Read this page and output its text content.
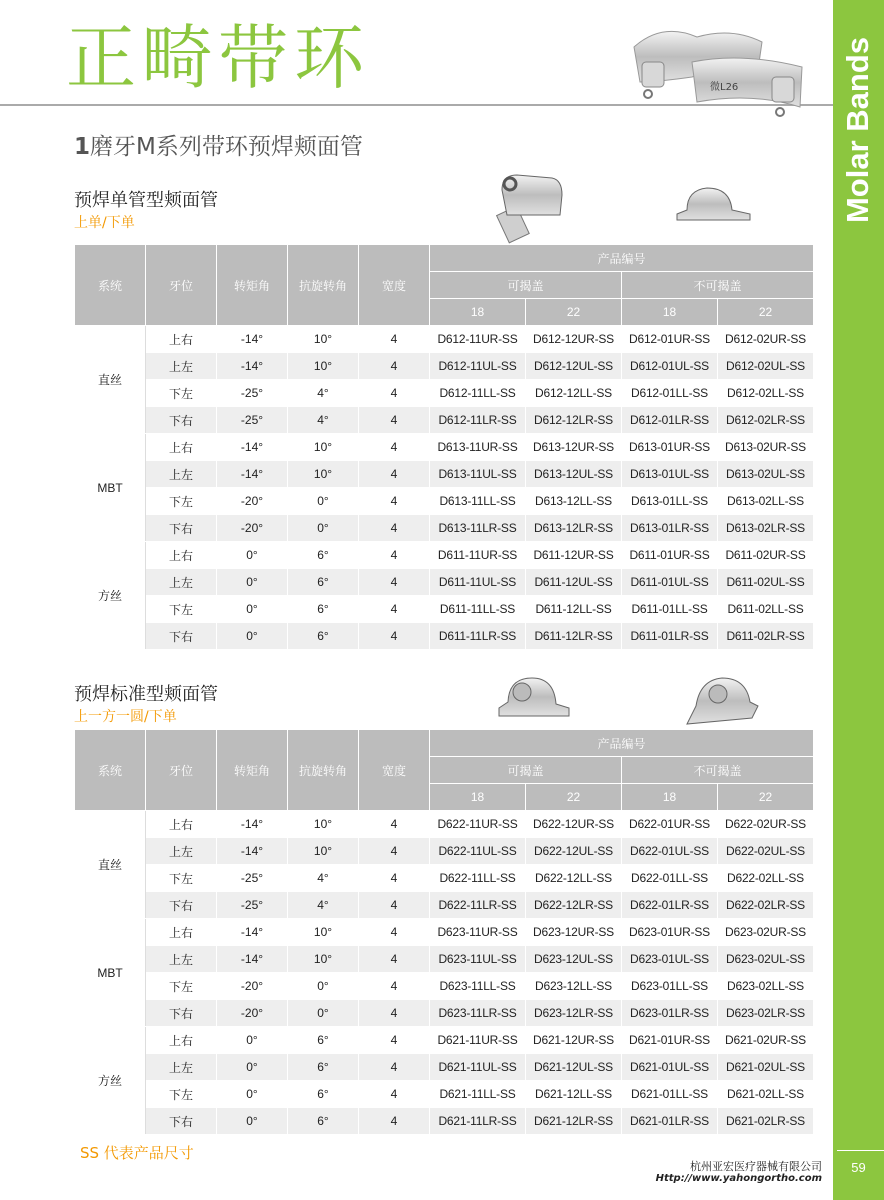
Molar Bands
59
正畸带环	微L26
1磨牙M系列带环预焊颊面管
预焊单管型颊面管
上单/下单
系统	牙位	转矩角	抗旋转角	宽度	产品编号			
					可揭盖		不可揭盖	
					18	22	18	22
直丝	上右	-14°	10°	4	D612-11UR-SS	D612-12UR-SS	D612-01UR-SS	D612-02UR-SS
	上左	-14°	10°	4	D612-11UL-SS	D612-12UL-SS	D612-01UL-SS	D612-02UL-SS
	下左	-25°	4°	4	D612-11LL-SS	D612-12LL-SS	D612-01LL-SS	D612-02LL-SS
	下右	-25°	4°	4	D612-11LR-SS	D612-12LR-SS	D612-01LR-SS	D612-02LR-SS
MBT	上右	-14°	10°	4	D613-11UR-SS	D613-12UR-SS	D613-01UR-SS	D613-02UR-SS
	上左	-14°	10°	4	D613-11UL-SS	D613-12UL-SS	D613-01UL-SS	D613-02UL-SS
	下左	-20°	0°	4	D613-11LL-SS	D613-12LL-SS	D613-01LL-SS	D613-02LL-SS
	下右	-20°	0°	4	D613-11LR-SS	D613-12LR-SS	D613-01LR-SS	D613-02LR-SS
方丝	上右	0°	6°	4	D611-11UR-SS	D611-12UR-SS	D611-01UR-SS	D611-02UR-SS
	上左	0°	6°	4	D611-11UL-SS	D611-12UL-SS	D611-01UL-SS	D611-02UL-SS
	下左	0°	6°	4	D611-11LL-SS	D611-12LL-SS	D611-01LL-SS	D611-02LL-SS
	下右	0°	6°	4	D611-11LR-SS	D611-12LR-SS	D611-01LR-SS	D611-02LR-SS
预焊标准型颊面管
上一方一圆/下单
系统	牙位	转矩角	抗旋转角	宽度	产品编号			
					可揭盖		不可揭盖	
					18	22	18	22
直丝	上右	-14°	10°	4	D622-11UR-SS	D622-12UR-SS	D622-01UR-SS	D622-02UR-SS
	上左	-14°	10°	4	D622-11UL-SS	D622-12UL-SS	D622-01UL-SS	D622-02UL-SS
	下左	-25°	4°	4	D622-11LL-SS	D622-12LL-SS	D622-01LL-SS	D622-02LL-SS
	下右	-25°	4°	4	D622-11LR-SS	D622-12LR-SS	D622-01LR-SS	D622-02LR-SS
MBT	上右	-14°	10°	4	D623-11UR-SS	D623-12UR-SS	D623-01UR-SS	D623-02UR-SS
	上左	-14°	10°	4	D623-11UL-SS	D623-12UL-SS	D623-01UL-SS	D623-02UL-SS
	下左	-20°	0°	4	D623-11LL-SS	D623-12LL-SS	D623-01LL-SS	D623-02LL-SS
	下右	-20°	0°	4	D623-11LR-SS	D623-12LR-SS	D623-01LR-SS	D623-02LR-SS
方丝	上右	0°	6°	4	D621-11UR-SS	D621-12UR-SS	D621-01UR-SS	D621-02UR-SS
	上左	0°	6°	4	D621-11UL-SS	D621-12UL-SS	D621-01UL-SS	D621-02UL-SS
	下左	0°	6°	4	D621-11LL-SS	D621-12LL-SS	D621-01LL-SS	D621-02LL-SS
	下右	0°	6°	4	D621-11LR-SS	D621-12LR-SS	D621-01LR-SS	D621-02LR-SS
SS 代表产品尺寸
杭州亚宏医疗器械有限公司
Http://www.yahongortho.com
